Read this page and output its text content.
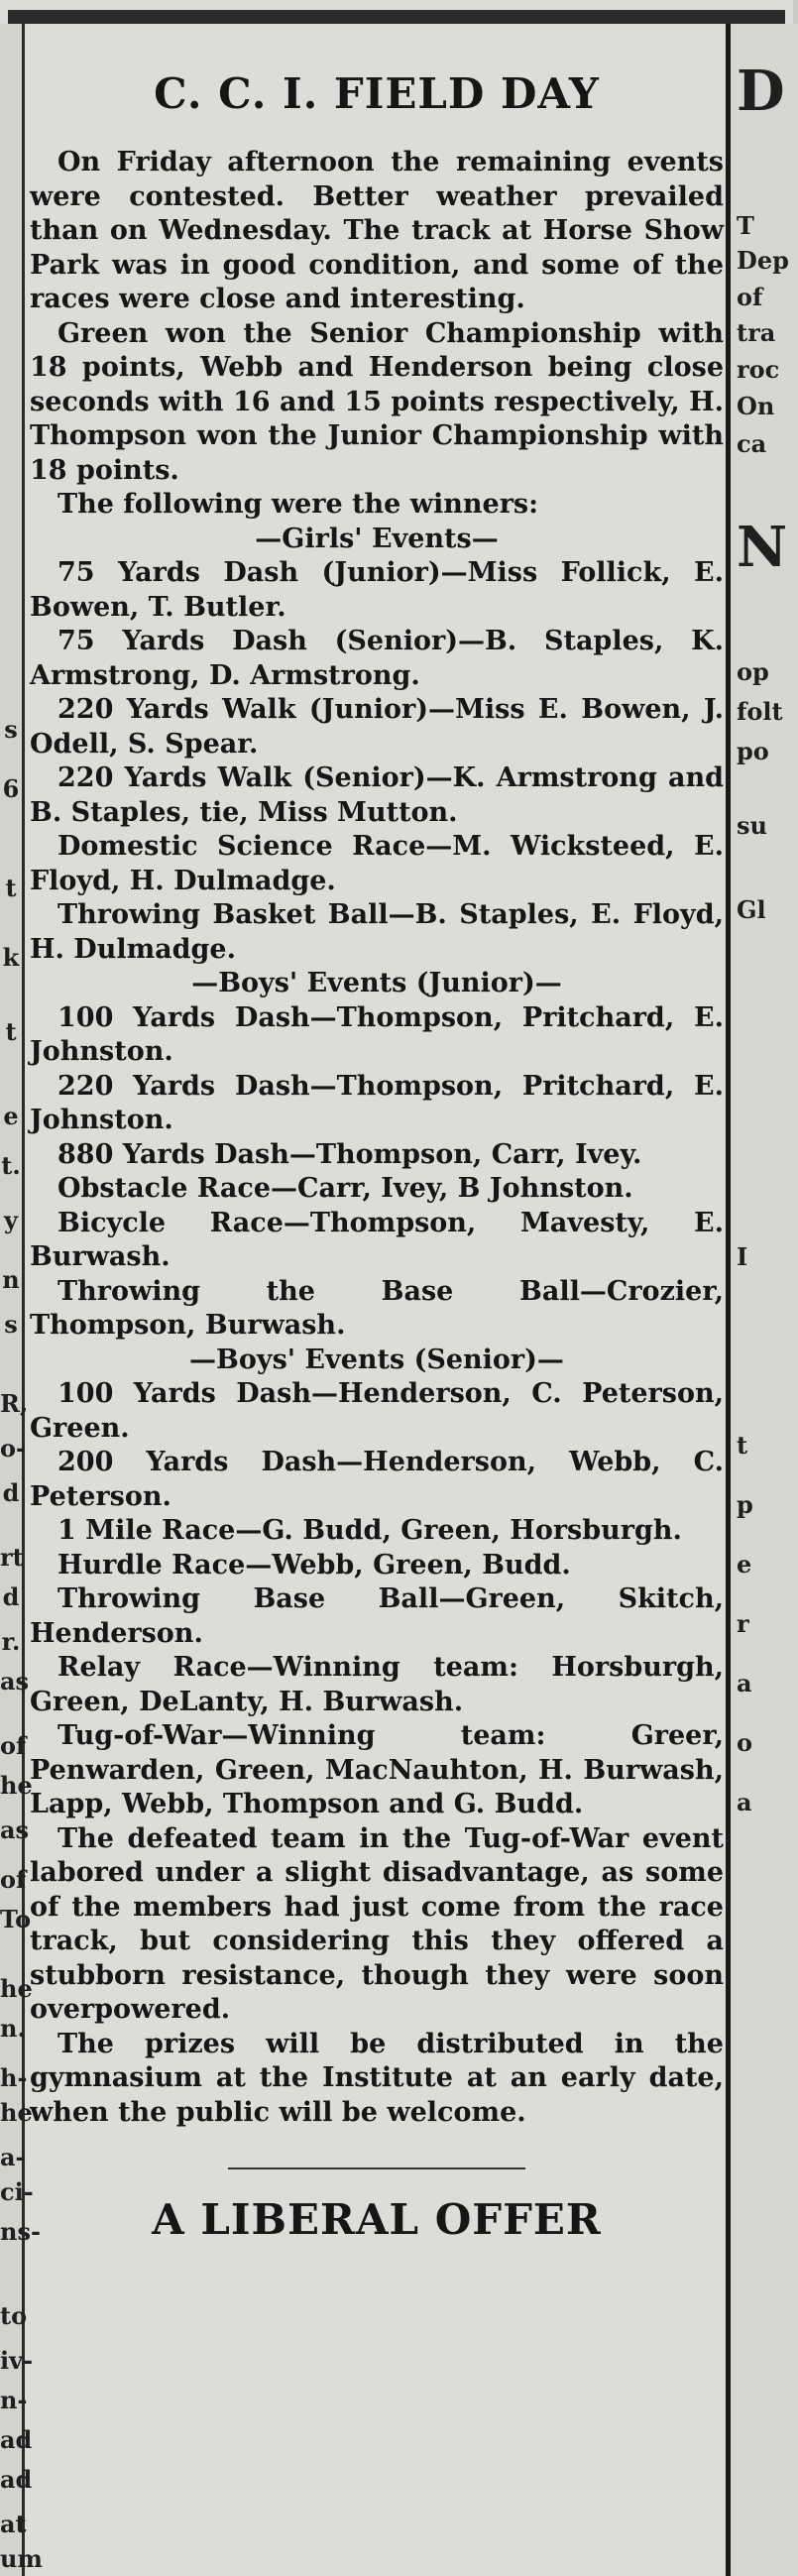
s
6
t
k
t
e
t.
y
n
s
R,
o-
d
rt
d
r.
as
of
he
as
of
To
he
n.
h-
he
a-
ci-
ns-
to
iv-
n-
ad
ad
at
um
D
T
Dep
of
tra
roc
On
ca
N
op
folt
po
su
Gl
I
t
p
e
r
a
o
a
C. C. I. FIELD DAY

On Friday afternoon the remaining events were contested. Better weather prevailed than on Wednesday. The track at Horse Show Park was in good condition, and some of the races were close and interesting.

Green won the Senior Championship with 18 points, Webb and Henderson being close seconds with 16 and 15 points respectively, H. Thompson won the Junior Championship with 18 points.

The following were the winners:

—Girls' Events—

75 Yards Dash (Junior)—Miss Follick, E. Bowen, T. Butler.

75 Yards Dash (Senior)—B. Staples, K. Armstrong, D. Armstrong.

220 Yards Walk (Junior)—Miss E. Bowen, J. Odell, S. Spear.

220 Yards Walk (Senior)—K. Armstrong and B. Staples, tie, Miss Mutton.

Domestic Science Race—M. Wicksteed, E. Floyd, H. Dulmadge.

Throwing Basket Ball—B. Staples, E. Floyd, H. Dulmadge.

—Boys' Events (Junior)—

100 Yards Dash—Thompson, Pritchard, E. Johnston.

220 Yards Dash—Thompson, Pritchard, E. Johnston.

880 Yards Dash—Thompson, Carr, Ivey.

Obstacle Race—Carr, Ivey, B Johnston.

Bicycle Race—Thompson, Mavesty, E. Burwash.

Throwing the Base Ball—Crozier, Thompson, Burwash.

—Boys' Events (Senior)—

100 Yards Dash—Henderson, C. Peterson, Green.

200 Yards Dash—Henderson, Webb, C. Peterson.

1 Mile Race—G. Budd, Green, Horsburgh.

Hurdle Race—Webb, Green, Budd.

Throwing Base Ball—Green, Skitch, Henderson.

Relay Race—Winning team: Horsburgh, Green, DeLanty, H. Burwash.

Tug-of-War—Winning team: Greer, Penwarden, Green, MacNauhton, H. Burwash, Lapp, Webb, Thompson and G. Budd.

The defeated team in the Tug-of-War event labored under a slight disadvantage, as some of the members had just come from the race track, but considering this they offered a stubborn resistance, though they were soon overpowered.

The prizes will be distributed in the gymnasium at the Institute at an early date, when the public will be welcome.

A LIBERAL OFFER
